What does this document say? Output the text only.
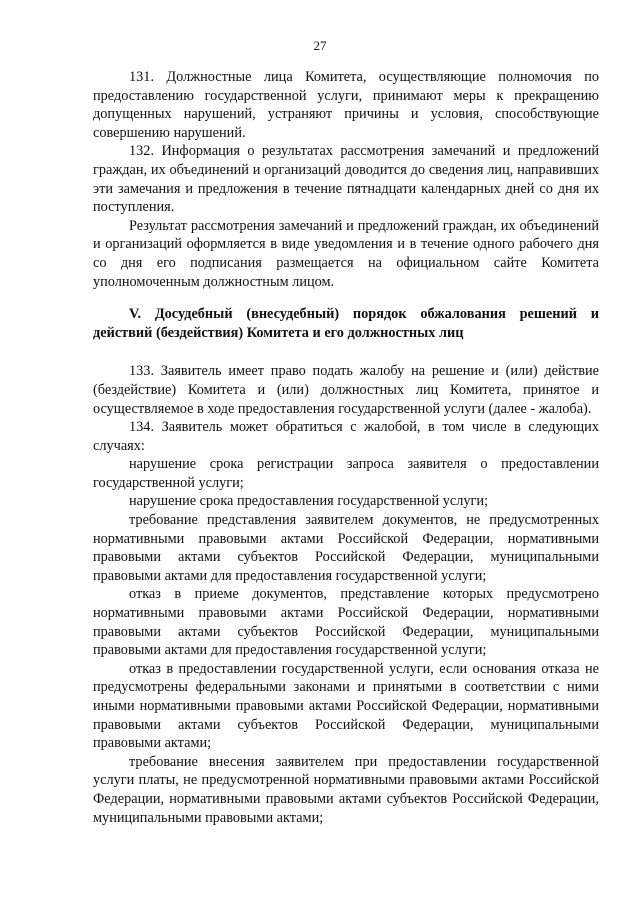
27

131. Должностные лица Комитета, осуществляющие полномочия по предоставлению государственной услуги, принимают меры к прекращению допущенных нарушений, устраняют причины и условия, способствующие совершению нарушений.

132. Информация о результатах рассмотрения замечаний и предложений граждан, их объединений и организаций доводится до сведения лиц, направивших эти замечания и предложения в течение пятнадцати календарных дней со дня их поступления.

Результат рассмотрения замечаний и предложений граждан, их объединений и организаций оформляется в виде уведомления и в течение одного рабочего дня со дня его подписания размещается на официальном сайте Комитета уполномоченным должностным лицом.

V. Досудебный (внесудебный) порядок обжалования решений и действий (бездействия) Комитета и его должностных лиц

133. Заявитель имеет право подать жалобу на решение и (или) действие (бездействие) Комитета и (или) должностных лиц Комитета, принятое и осуществляемое в ходе предоставления государственной услуги (далее - жалоба).

134. Заявитель может обратиться с жалобой, в том числе в следующих случаях:

нарушение срока регистрации запроса заявителя о предоставлении государственной услуги;

нарушение срока предоставления государственной услуги;

требование представления заявителем документов, не предусмотренных нормативными правовыми актами Российской Федерации, нормативными правовыми актами субъектов Российской Федерации, муниципальными правовыми актами для предоставления государственной услуги;

отказ в приеме документов, представление которых предусмотрено нормативными правовыми актами Российской Федерации, нормативными правовыми актами субъектов Российской Федерации, муниципальными правовыми актами для предоставления государственной услуги;

отказ в предоставлении государственной услуги, если основания отказа не предусмотрены федеральными законами и принятыми в соответствии с ними иными нормативными правовыми актами Российской Федерации, нормативными правовыми актами субъектов Российской Федерации, муниципальными правовыми актами;

требование внесения заявителем при предоставлении государственной услуги платы, не предусмотренной нормативными правовыми актами Российской Федерации, нормативными правовыми актами субъектов Российской Федерации, муниципальными правовыми актами;
